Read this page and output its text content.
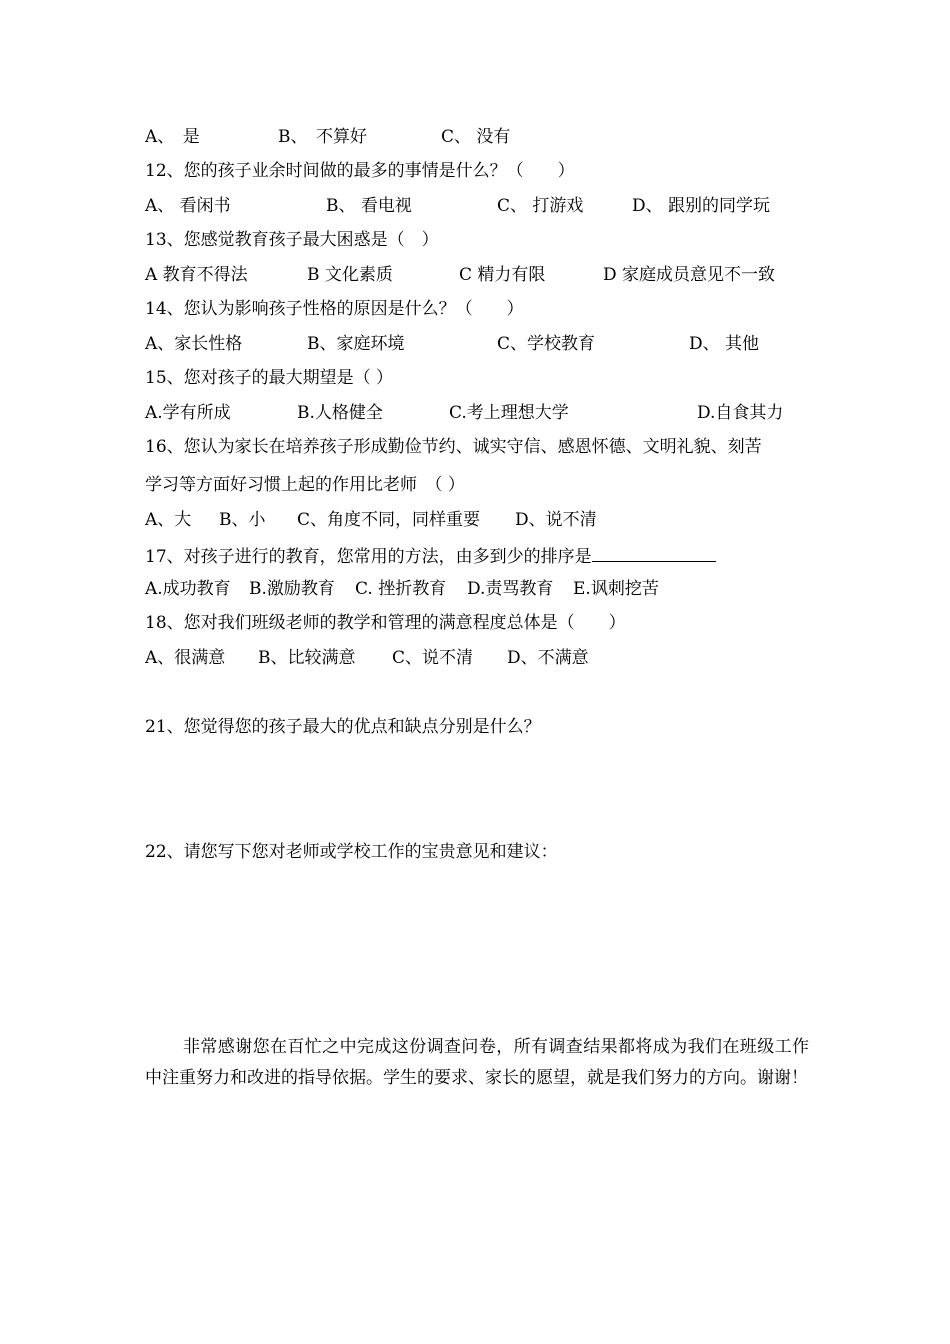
A、　是	B、　不算好	C、 没有
12、您的孩子业余时间做的最多的事情是什么？（　　）
A、 看闲书	B、 看电视	C、 打游戏	D、 跟别的同学玩
13、您感觉教育孩子最大困惑是（　）
A 教育不得法	B 文化素质	C 精力有限	D 家庭成员意见不一致
14、您认为影响孩子性格的原因是什么？（　　）
A、家长性格	B、家庭环境	C、学校教育	D、 其他
15、您对孩子的最大期望是（ ）
A.学有所成	B.人格健全	C.考上理想大学	D.自食其力
16、您认为家长在培养孩子形成勤俭节约、诚实守信、感恩怀德、文明礼貌、刻苦
学习等方面好习惯上起的作用比老师　（ ）
A、大 B、小 C、角度不同，同样重要 D、说不清
17、对孩子进行的教育，您常用的方法，由多到少的排序是
A.成功教育 B.激励教育 C. 挫折教育 D.责骂教育 E.讽刺挖苦
18、您对我们班级老师的教学和管理的满意程度总体是（　　）
A、很满意 B、比较满意 C、说不清 D、不满意
21、您觉得您的孩子最大的优点和缺点分别是什么？
22、请您写下您对老师或学校工作的宝贵意见和建议：
非常感谢您在百忙之中完成这份调查问卷，所有调查结果都将成为我们在班级工作中注重努力和改进的指导依据。学生的要求、家长的愿望，就是我们努力的方向。谢谢！
